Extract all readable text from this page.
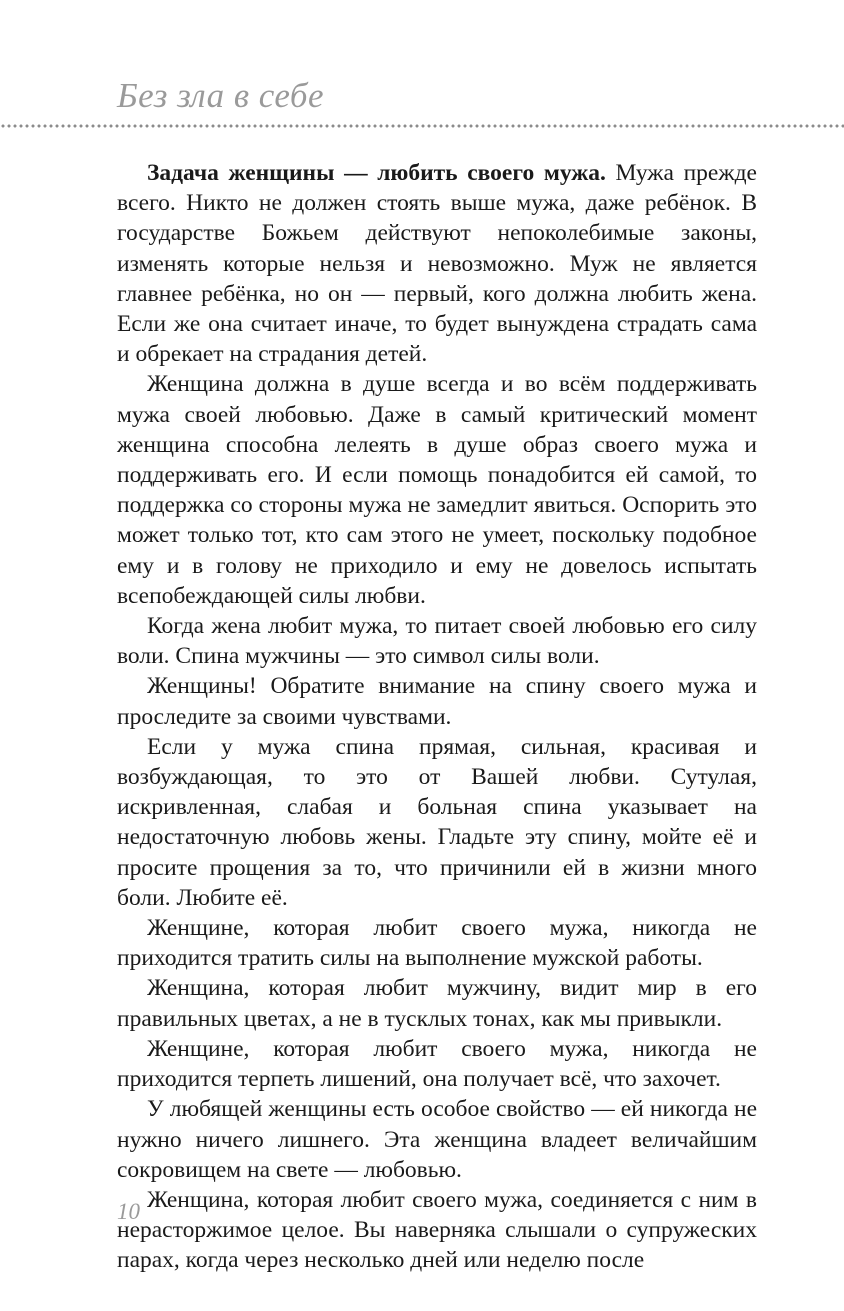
Без зла в себе

Задача женщины — любить своего мужа. Мужа прежде всего. Никто не должен стоять выше мужа, даже ребёнок. В государстве Божьем действуют непоколебимые законы, изменять которые нельзя и невозможно. Муж не является главнее ребёнка, но он — первый, кого должна любить жена. Если же она считает иначе, то будет вынуждена страдать сама и обрекает на страдания детей.

Женщина должна в душе всегда и во всём поддерживать мужа своей любовью. Даже в самый критический момент женщина способна лелеять в душе образ своего мужа и поддерживать его. И если помощь понадобится ей самой, то поддержка со стороны мужа не замедлит явиться. Оспорить это может только тот, кто сам этого не умеет, поскольку подобное ему и в голову не приходило и ему не довелось испытать всепобеждающей силы любви.

Когда жена любит мужа, то питает своей любовью его силу воли. Спина мужчины — это символ силы воли.

Женщины! Обратите внимание на спину своего мужа и проследите за своими чувствами.

Если у мужа спина прямая, сильная, красивая и возбуждающая, то это от Вашей любви. Сутулая, искривленная, слабая и больная спина указывает на недостаточную любовь жены. Гладьте эту спину, мойте её и просите прощения за то, что причинили ей в жизни много боли. Любите её.

Женщине, которая любит своего мужа, никогда не приходится тратить силы на выполнение мужской работы.

Женщина, которая любит мужчину, видит мир в его правильных цветах, а не в тусклых тонах, как мы привыкли.

Женщине, которая любит своего мужа, никогда не приходится терпеть лишений, она получает всё, что захочет.

У любящей женщины есть особое свойство — ей никогда не нужно ничего лишнего. Эта женщина владеет величайшим сокровищем на свете — любовью.

Женщина, которая любит своего мужа, соединяется с ним в нерасторжимое целое. Вы наверняка слышали о супружеских парах, когда через несколько дней или неделю после

10
